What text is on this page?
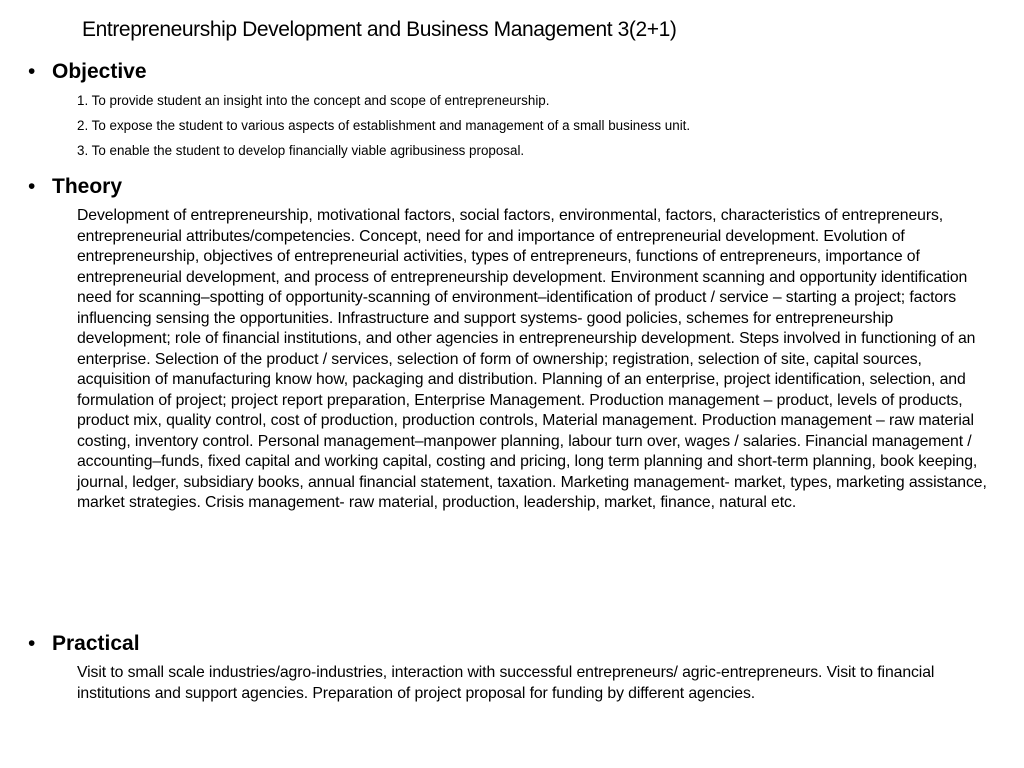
Entrepreneurship Development and Business Management 3(2+1)
• Objective
1. To provide student an insight into the concept and scope of entrepreneurship.
2. To expose the student to various aspects of establishment and management of a small business unit.
3. To enable the student to develop financially viable agribusiness proposal.
• Theory

Development of entrepreneurship, motivational factors, social factors, environmental, factors, characteristics of entrepreneurs, entrepreneurial attributes/competencies. Concept, need for and importance of entrepreneurial development. Evolution of entrepreneurship, objectives of entrepreneurial activities, types of entrepreneurs, functions of entrepreneurs, importance of entrepreneurial development, and process of entrepreneurship development. Environment scanning and opportunity identification need for scanning–spotting of opportunity-scanning of environment–identification of product / service – starting a project; factors influencing sensing the opportunities. Infrastructure and support systems- good policies, schemes for entrepreneurship development; role of financial institutions, and other agencies in entrepreneurship development. Steps involved in functioning of an enterprise. Selection of the product / services, selection of form of ownership; registration, selection of site, capital sources, acquisition of manufacturing know how, packaging and distribution. Planning of an enterprise, project identification, selection, and formulation of project; project report preparation, Enterprise Management. Production management – product, levels of products, product mix, quality control, cost of production, production controls, Material management. Production management – raw material costing, inventory control. Personal management–manpower planning, labour turn over, wages / salaries. Financial management / accounting–funds, fixed capital and working capital, costing and pricing, long term planning and short-term planning, book keeping, journal, ledger, subsidiary books, annual financial statement, taxation. Marketing management- market, types, marketing assistance, market strategies. Crisis management- raw material, production, leadership, market, finance, natural etc.

• Practical

Visit to small scale industries/agro-industries, interaction with successful entrepreneurs/ agric-entrepreneurs. Visit to financial institutions and support agencies. Preparation of project proposal for funding by different agencies.
